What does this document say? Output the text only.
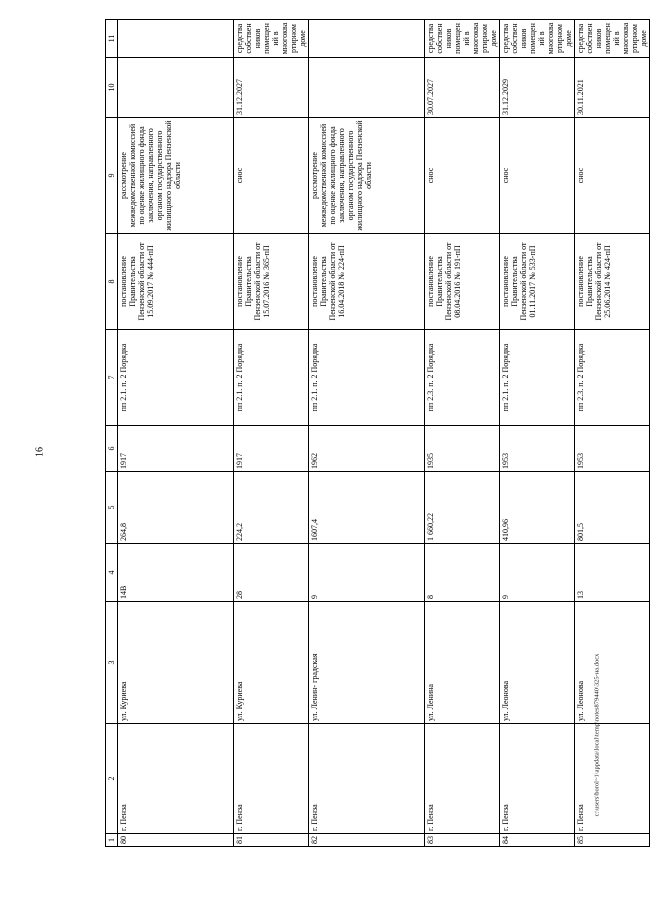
16
c:\users\borol~1\appdata\local\temp\notes879440\325-на.docx
1	2	3	4	5	6	7	8	9	10	11
80	г. Пенза	ул. Куриева	14В	264,8	1917	пп 2.1. п. 2 Порядка	постановление Правительства Пензенской области от 15.09.2017 № 444-пП	рассмотрение межведомственной комиссией по оценке жилищного фонда заключения, направленного органом государственного жилищного надзора Пензенской области		
81	г. Пенза	ул. Куриева	28	224,2	1917	пп 2.1. п. 2 Порядка	постановление Правительства Пензенской области от 15.07.2016 № 365-пП	снос	31.12.2027	средства собственников помещений в многоквартирном доме
82	г. Пенза	ул. Ленин- градская	9	1607,4	1962	пп 2.1. п. 2 Порядка	постановление Правительства Пензенской области от 16.04.2018 № 224-пП	рассмотрение межведомственной комиссией по оценке жилищного фонда заключения, направленного органом государственного жилищного надзора Пензенской области		
83	г. Пенза	ул. Ленина	8	1 660,22	1935	пп 2.3. п. 2 Порядка	постановление Правительства Пензенской области от 08.04.2016 № 191-пП	снос	30.07.2027	средства собственников помещений в многоквартирном доме
84	г. Пенза	ул. Леонова	9	410,96	1953	пп 2.1. п. 2 Порядка	постановление Правительства Пензенской области от 01.11.2017 № 533-пП	снос	31.12.2029	средства собственников помещений в многоквартирном доме
85	г. Пенза	ул. Леонова	13	801,5	1953	пп 2.3. п. 2 Порядка	постановление Правительства Пензенской области от 25.06.2014 № 424-пП	снос	30.11.2021	средства собственников помещений в многоквартирном доме
